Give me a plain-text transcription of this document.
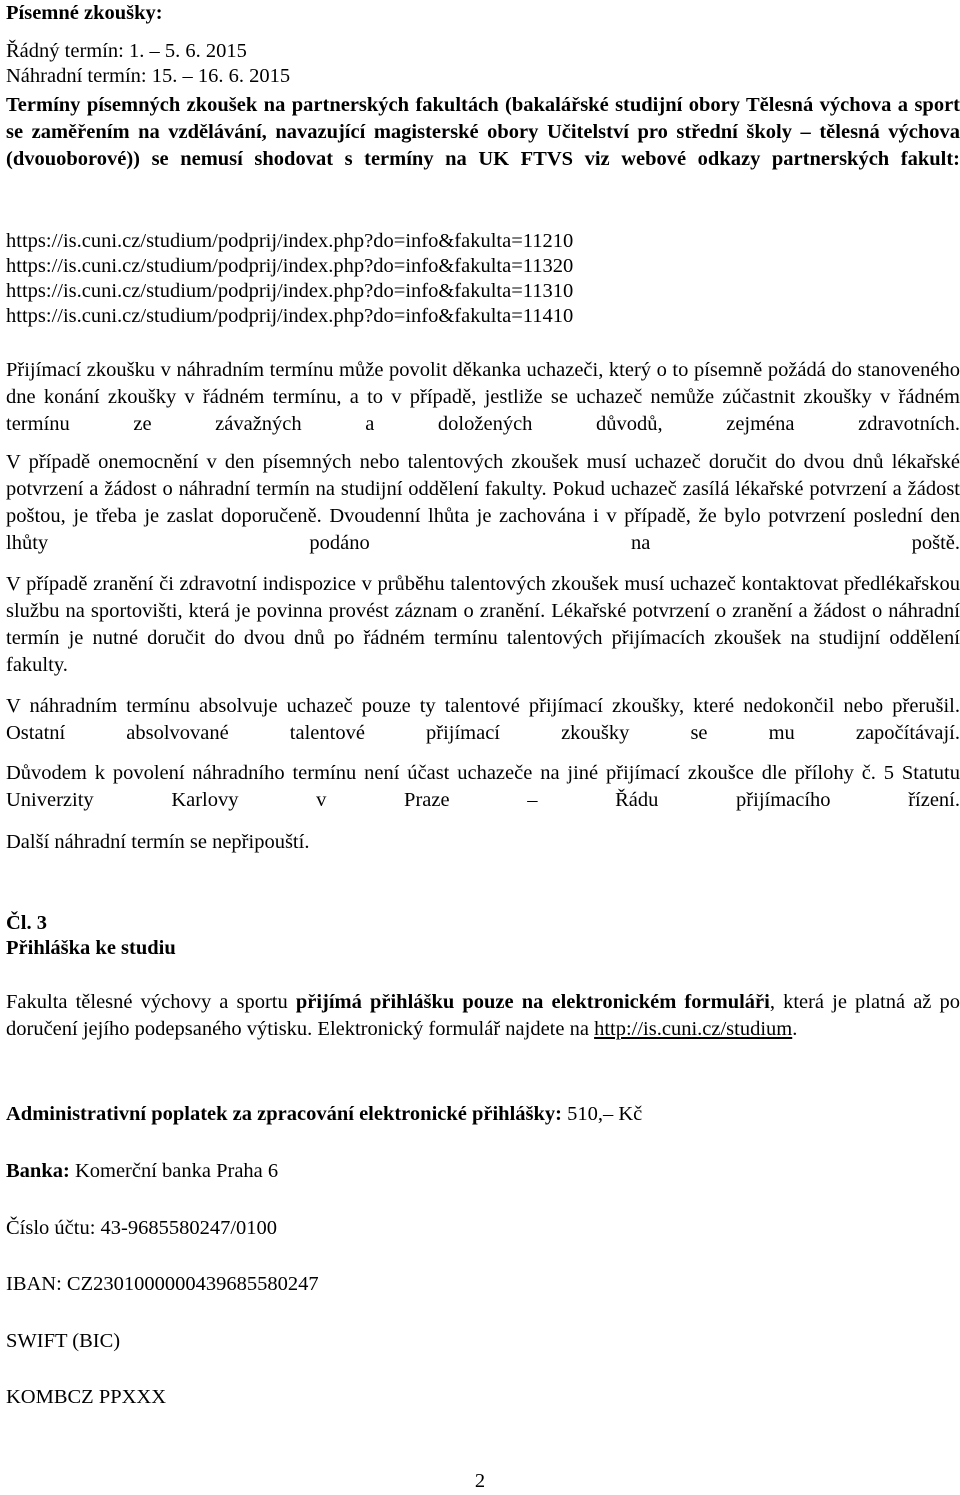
Písemné zkoušky:
Řádný termín: 1. – 5. 6. 2015
Náhradní termín: 15. – 16. 6. 2015
Termíny písemných zkoušek na partnerských fakultách (bakalářské studijní obory Tělesná výchova a sport se zaměřením na vzdělávání, navazující magisterské obory Učitelství pro střední školy – tělesná výchova (dvouoborové)) se nemusí shodovat s termíny na UK FTVS viz webové odkazy partnerských fakult:
https://is.cuni.cz/studium/podprij/index.php?do=info&fakulta=11210
https://is.cuni.cz/studium/podprij/index.php?do=info&fakulta=11320
https://is.cuni.cz/studium/podprij/index.php?do=info&fakulta=11310
https://is.cuni.cz/studium/podprij/index.php?do=info&fakulta=11410
Přijímací zkoušku v náhradním termínu může povolit děkanka uchazeči, který o to písemně požádá do stanoveného dne konání zkoušky v řádném termínu, a to v případě, jestliže se uchazeč nemůže zúčastnit zkoušky v řádném termínu ze závažných a doložených důvodů, zejména zdravotních.
V případě onemocnění v den písemných nebo talentových zkoušek musí uchazeč doručit do dvou dnů lékařské potvrzení a žádost o náhradní termín na studijní oddělení fakulty. Pokud uchazeč zasílá lékařské potvrzení a žádost poštou, je třeba je zaslat doporučeně. Dvoudenní lhůta je zachována i v případě, že bylo potvrzení poslední den lhůty podáno na poště.
V případě zranění či zdravotní indispozice v průběhu talentových zkoušek musí uchazeč kontaktovat předlékařskou službu na sportovišti, která je povinna provést záznam o zranění. Lékařské potvrzení o zranění a žádost o náhradní termín je nutné doručit do dvou dnů po řádném termínu talentových přijímacích zkoušek na studijní oddělení fakulty.
V náhradním termínu absolvuje uchazeč pouze ty talentové přijímací zkoušky, které nedokončil nebo přerušil. Ostatní absolvované talentové přijímací zkoušky se mu započítávají.
Důvodem k povolení náhradního termínu není účast uchazeče na jiné přijímací zkoušce dle přílohy č. 5 Statutu Univerzity Karlovy v Praze – Řádu přijímacího řízení.
Další náhradní termín se nepřipouští.
Čl. 3
Přihláška ke studiu
Fakulta tělesné výchovy a sportu přijímá přihlášku pouze na elektronickém formuláři, která je platná až po doručení jejího podepsaného výtisku. Elektronický formulář najdete na http://is.cuni.cz/studium.
Administrativní poplatek za zpracování elektronické přihlášky: 510,– Kč
Banka: Komerční banka Praha 6
Číslo účtu: 43-9685580247/0100
IBAN: CZ2301000000439685580247
SWIFT (BIC)
KOMBCZ PPXXX
2
